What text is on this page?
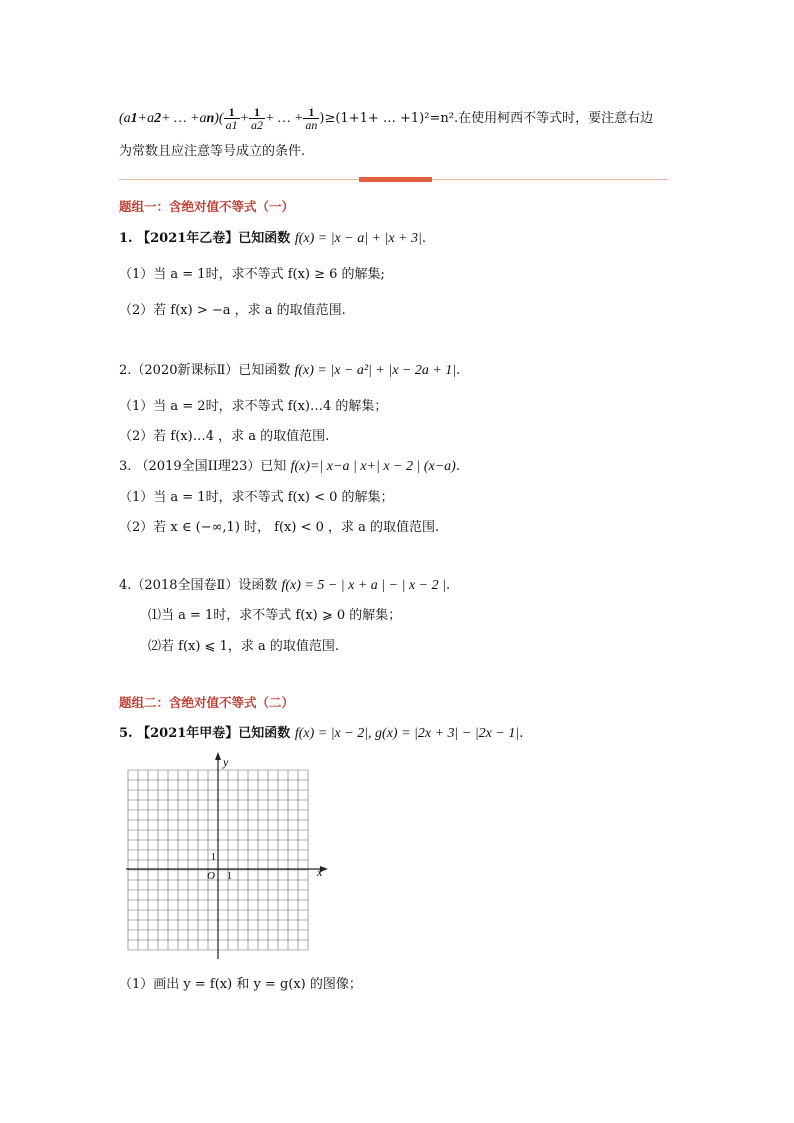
(a1+a2+ … $+an)( \frac{1}{a1} + \frac{1}{a2}$ + … + $\frac{1}{an} )\ge(1+1+$ … +1)²=n².在使用柯西不等式时，要注意右边
为常数且应注意等号成立的条件.
题组一：含绝对值不等式（一）
1. 【2021年乙卷】已知函数 f(x) = |x − a| + |x + 3|.
（1）当 a = 1时，求不等式 f(x) ≥ 6 的解集;
（2）若 f(x) > −a ，求 a 的取值范围.
2.（2020新课标Ⅱ）已知函数 f(x) = |x − a²| + |x − 2a + 1|.
（1）当 a = 2时，求不等式 f(x)…4 的解集；
（2）若 f(x)…4 ，求 a 的取值范围.
3. （2019全国II理23）已知 f(x)=| x−a | x+| x − 2 | (x−a).
（1）当 a = 1时，求不等式 f(x) < 0 的解集；
（2）若 x ∈ (−∞,1) 时， f(x) < 0 ，求 a 的取值范围.
4.（2018全国卷Ⅱ）设函数 f(x) = 5 − | x + a | − | x − 2 |.
⑴当 a = 1时，求不等式 f(x) ⩾ 0 的解集；
⑵若 f(x) ⩽ 1，求 a 的取值范围.
题组二：含绝对值不等式（二）
5. 【2021年甲卷】已知函数 f(x) = |x − 2|, g(x) = |2x + 3| − |2x − 1|.
y
x
O
1
1
（1）画出 y = f(x) 和 y = g(x) 的图像；
